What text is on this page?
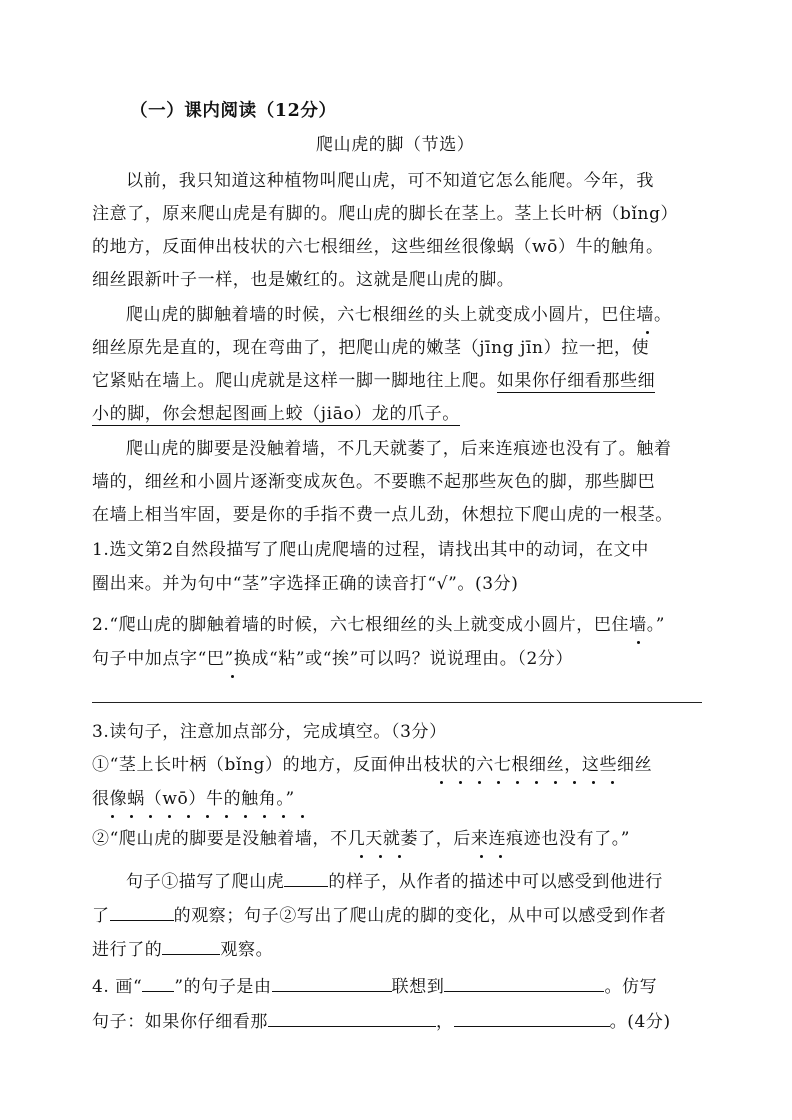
（一）课内阅读（12分）
爬山虎的脚（节选）
以前，我只知道这种植物叫爬山虎，可不知道它怎么能爬。今年，我
注意了，原来爬山虎是有脚的。爬山虎的脚长在茎上。茎上长叶柄（bǐng）
的地方，反面伸出枝状的六七根细丝，这些细丝很像蜗（wō）牛的触角。
细丝跟新叶子一样，也是嫩红的。这就是爬山虎的脚。
爬山虎的脚触着墙的时候，六七根细丝的头上就变成小圆片，巴住墙。
细丝原先是直的，现在弯曲了，把爬山虎的嫩茎（jīng jīn）拉一把，使
它紧贴在墙上。爬山虎就是这样一脚一脚地往上爬。如果你仔细看那些细
小的脚，你会想起图画上蛟（jiāo）龙的爪子。
爬山虎的脚要是没触着墙，不几天就萎了，后来连痕迹也没有了。触着
墙的，细丝和小圆片逐渐变成灰色。不要瞧不起那些灰色的脚，那些脚巴
在墙上相当牢固，要是你的手指不费一点儿劲，休想拉下爬山虎的一根茎。
1.选文第2自然段描写了爬山虎爬墙的过程，请找出其中的动词，在文中
圈出来。并为句中“茎”字选择正确的读音打“√”。(3分)
2.“爬山虎的脚触着墙的时候，六七根细丝的头上就变成小圆片，巴住墙。”
句子中加点字“巴”换成“粘”或“挨”可以吗？说说理由。（2分）
3.读句子，注意加点部分，完成填空。（3分）
①“茎上长叶柄（bǐng）的地方，反面伸出枝状的六七根细丝，这些细丝
很像蜗（wō）牛的触角。”
②“爬山虎的脚要是没触着墙，不几天就萎了，后来连痕迹也没有了。”
句子①描写了爬山虎	的样子，从作者的描述中可以感受到他进行
了	的观察；句子②写出了爬山虎的脚的变化，从中可以感受到作者
进行了的	观察。
4. 画“ ”的句子是由	联想到	。仿写
句子：如果你仔细看那	，	。(4分)
